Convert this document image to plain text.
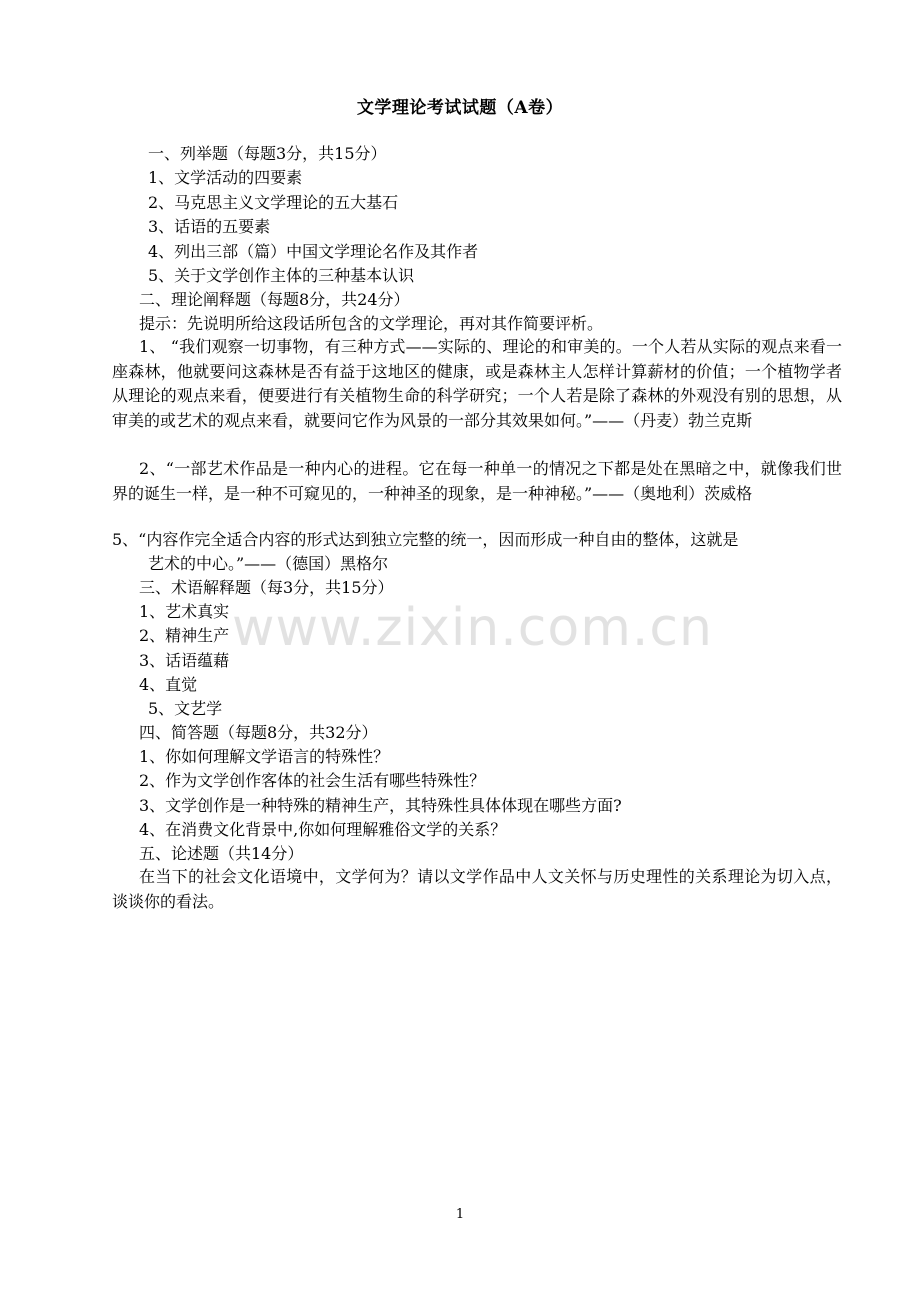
文学理论考试试题（A卷）
一、列举题（每题3分，共15分）
1、文学活动的四要素
2、马克思主义文学理论的五大基石
3、话语的五要素
4、列出三部（篇）中国文学理论名作及其作者
5、关于文学创作主体的三种基本认识
二、理论阐释题（每题8分，共24分）
提示：先说明所给这段话所包含的文学理论，再对其作简要评析。
1、 “我们观察一切事物，有三种方式——实际的、理论的和审美的。一个人若从实际的观点来看一座森林，他就要问这森林是否有益于这地区的健康，或是森林主人怎样计算薪材的价值；一个植物学者从理论的观点来看，便要进行有关植物生命的科学研究；一个人若是除了森林的外观没有别的思想，从审美的或艺术的观点来看，就要问它作为风景的一部分其效果如何。”——（丹麦）勃兰克斯
2、“一部艺术作品是一种内心的进程。它在每一种单一的情况之下都是处在黑暗之中，就像我们世界的诞生一样，是一种不可窥见的，一种神圣的现象，是一种神秘。”——（奥地利）茨威格
5、“内容作完全适合内容的形式达到独立完整的统一，因而形成一种自由的整体，这就是
艺术的中心。”——（德国）黑格尔
三、术语解释题（每3分，共15分）
1、艺术真实
2、精神生产
3、话语蕴藉
4、直觉
5、文艺学
四、简答题（每题8分，共32分）
1、你如何理解文学语言的特殊性？
2、作为文学创作客体的社会生活有哪些特殊性？
3、文学创作是一种特殊的精神生产，其特殊性具体体现在哪些方面?
4、在消费文化背景中,你如何理解雅俗文学的关系？
五、论述题（共14分）
在当下的社会文化语境中，文学何为？请以文学作品中人文关怀与历史理性的关系理论为切入点，谈谈你的看法。
www.zixin.com.cn
1
